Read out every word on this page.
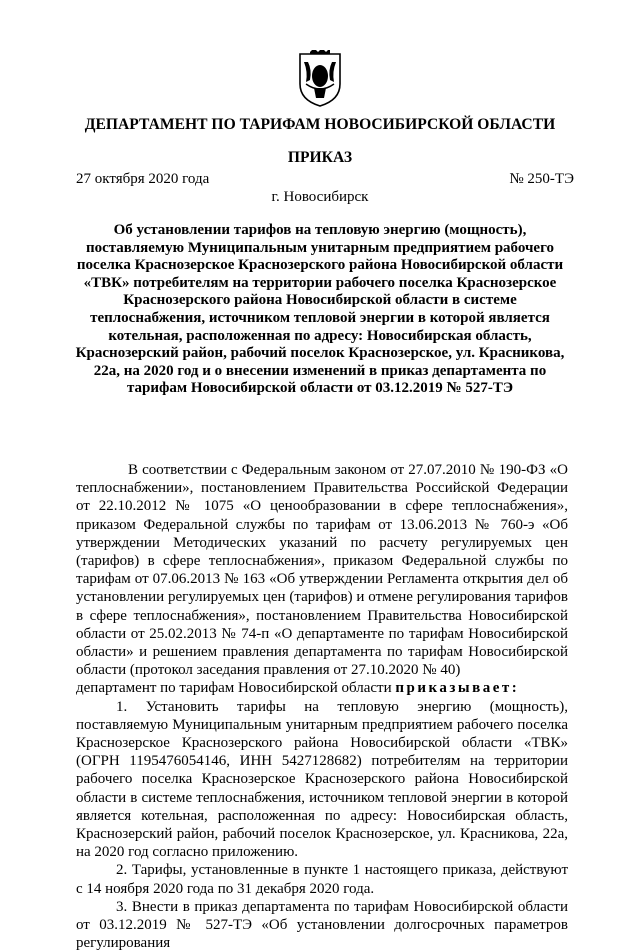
ДЕПАРТАМЕНТ ПО ТАРИФАМ НОВОСИБИРСКОЙ ОБЛАСТИ
ПРИКАЗ
27 октября 2020 года	№ 250-ТЭ
г. Новосибирск

Об установлении тарифов на тепловую энергию (мощность), поставляемую Муниципальным унитарным предприятием рабочего поселка Краснозерское Краснозерского района Новосибирской области «ТВК» потребителям на территории рабочего поселка Краснозерское Краснозерского района Новосибирской области в системе теплоснабжения, источником тепловой энергии в которой является котельная, расположенная по адресу: Новосибирская область, Краснозерский район, рабочий поселок Краснозерское, ул. Красникова, 22а, на 2020 год и о внесении изменений в приказ департамента по тарифам Новосибирской области от 03.12.2019 № 527-ТЭ

В соответствии с Федеральным законом от 27.07.2010 № 190-ФЗ «О теплоснабжении», постановлением Правительства Российской Федерации от 22.10.2012 № 1075 «О ценообразовании в сфере теплоснабжения», приказом Федеральной службы по тарифам от 13.06.2013 № 760-э «Об утверждении Методических указаний по расчету регулируемых цен (тарифов) в сфере теплоснабжения», приказом Федеральной службы по тарифам от 07.06.2013 № 163 «Об утверждении Регламента открытия дел об установлении регулируемых цен (тарифов) и отмене регулирования тарифов в сфере теплоснабжения», постановлением Правительства Новосибирской области от 25.02.2013 № 74-п «О департаменте по тарифам Новосибирской области» и решением правления департамента по тарифам Новосибирской области (протокол заседания правления от 27.10.2020 № 40)

департамент по тарифам Новосибирской области приказывает:

1. Установить тарифы на тепловую энергию (мощность), поставляемую Муниципальным унитарным предприятием рабочего поселка Краснозерское Краснозерского района Новосибирской области «ТВК» (ОГРН 1195476054146, ИНН 5427128682) потребителям на территории рабочего поселка Краснозерское Краснозерского района Новосибирской области в системе теплоснабжения, источником тепловой энергии в которой является котельная, расположенная по адресу: Новосибирская область, Краснозерский район, рабочий поселок Краснозерское, ул. Красникова, 22а, на 2020 год согласно приложению.

2. Тарифы, установленные в пункте 1 настоящего приказа, действуют с 14 ноября 2020 года по 31 декабря 2020 года.

3. Внести в приказ департамента по тарифам Новосибирской области от 03.12.2019 № 527-ТЭ «Об установлении долгосрочных параметров регулирования
